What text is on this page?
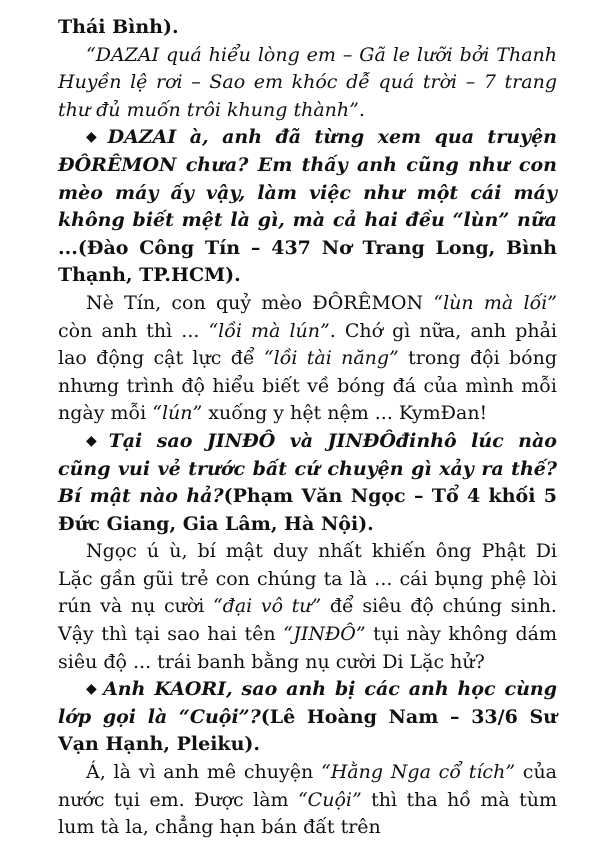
Thái Bình).

“DAZAI quá hiểu lòng em – Gã le lưỡi bởi Thanh Huyền lệ rơi – Sao em khóc dễ quá trời – 7 trang thư đủ muốn trôi khung thành”.

◆ DAZAI à, anh đã từng xem qua truyện ĐÔRÊMON chưa? Em thấy anh cũng như con mèo máy ấy vậy, làm việc như một cái máy không biết mệt là gì, mà cả hai đều “lùn” nữa ...(Đào Công Tín – 437 Nơ Trang Long, Bình Thạnh, TP.HCM).

Nè Tín, con quỷ mèo ĐÔRÊMON “lùn mà lối” còn anh thì ... “lồi mà lún”. Chớ gì nữa, anh phải lao động cật lực để “lồi tài năng” trong đội bóng nhưng trình độ hiểu biết về bóng đá của mình mỗi ngày mỗi “lún” xuống y hệt nệm ... KymĐan!

◆ Tại sao JINĐÔ và JINĐÔđinhô lúc nào cũng vui vẻ trước bất cứ chuyện gì xảy ra thế? Bí mật nào hả?(Phạm Văn Ngọc – Tổ 4 khối 5 Đức Giang, Gia Lâm, Hà Nội).

Ngọc ú ù, bí mật duy nhất khiến ông Phật Di Lặc gần gũi trẻ con chúng ta là ... cái bụng phệ lòi rún và nụ cười “đại vô tư” để siêu độ chúng sinh. Vậy thì tại sao hai tên “JINĐÔ” tụi này không dám siêu độ ... trái banh bằng nụ cười Di Lặc hử?

◆ Anh KAORI, sao anh bị các anh học cùng lớp gọi là “Cuội”?(Lê Hoàng Nam – 33/6 Sư Vạn Hạnh, Pleiku).

Á, là vì anh mê chuyện “Hằng Nga cổ tích” của nước tụi em. Được làm “Cuội” thì tha hồ mà tùm lum tà la, chẳng hạn bán đất trên
